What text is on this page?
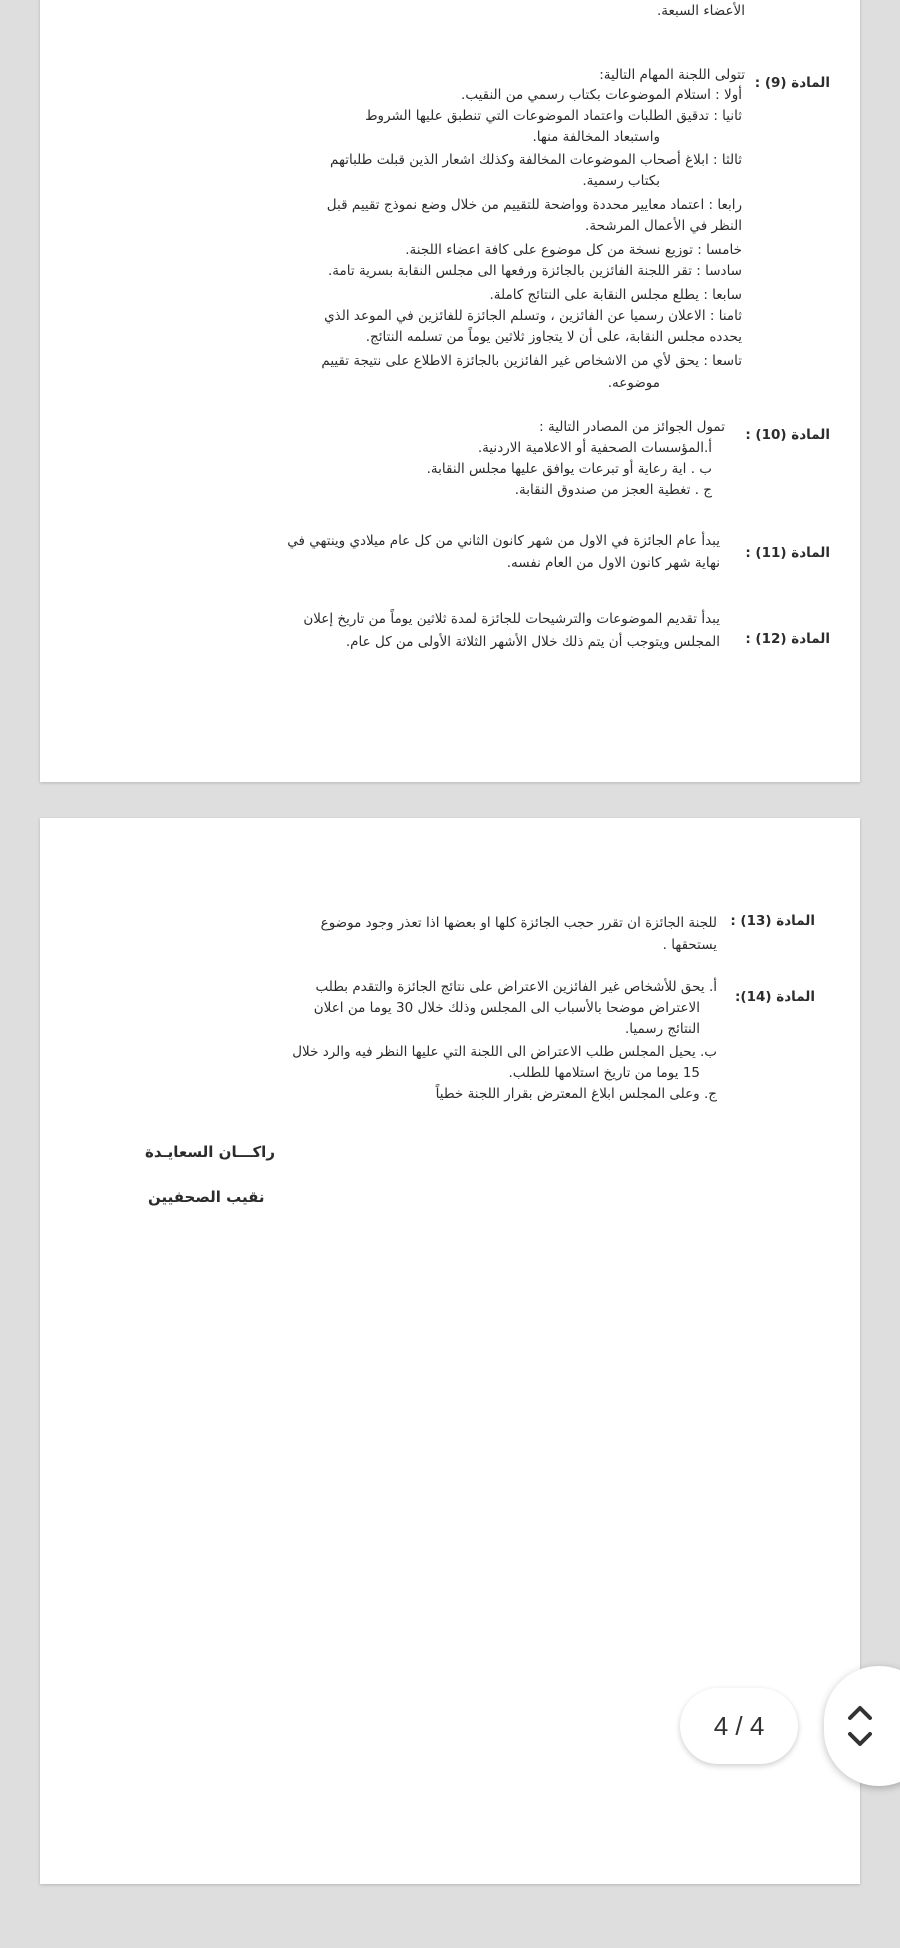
الأعضاء السبعة.
المادة (9) :
تتولى اللجنة المهام التالية:
أولا : استلام الموضوعات بكتاب رسمي من النقيب.
ثانيا : تدقيق الطلبات واعتماد الموضوعات التي تنطبق عليها الشروط
واستبعاد المخالفة منها.
ثالثا : ابلاغ أصحاب الموضوعات المخالفة وكذلك اشعار الذين قبلت طلباتهم
بكتاب رسمية.
رابعا : اعتماد معايير محددة وواضحة للتقييم من خلال وضع نموذج تقييم قبل
النظر في الأعمال المرشحة.
خامسا : توزيع نسخة من كل موضوع على كافة اعضاء اللجنة.
سادسا : تقر اللجنة الفائزين بالجائزة ورفعها الى مجلس النقابة بسرية تامة.
سابعا : يطلع مجلس النقابة على النتائج كاملة.
ثامنا : الاعلان رسميا عن الفائزين ، وتسلم الجائزة للفائزين في الموعد الذي
يحدده مجلس النقابة، على أن لا يتجاوز ثلاثين يوماً من تسلمه النتائج.
تاسعا : يحق لأي من الاشخاص غير الفائزين بالجائزة الاطلاع على نتيجة تقييم
موضوعه.
المادة (10) :
تمول الجوائز من المصادر التالية :
أ.المؤسسات الصحفية أو الاعلامية الاردنية.
ب . اية رعاية أو تبرعات يوافق عليها مجلس النقابة.
ج . تغطية العجز من صندوق النقابة.
المادة (11) :
يبدأ عام الجائزة في الاول من شهر كانون الثاني من كل عام ميلادي وينتهي في
نهاية شهر كانون الاول من العام نفسه.
المادة (12) :
يبدأ تقديم الموضوعات والترشيحات للجائزة لمدة ثلاثين يوماً من تاريخ إعلان
المجلس ويتوجب أن يتم ذلك خلال الأشهر الثلاثة الأولى من كل عام.
المادة (13) :
للجنة الجائزة ان تقرر حجب الجائزة كلها او بعضها اذا تعذر وجود موضوع
يستحقها .
المادة (14):
أ. يحق للأشخاص غير الفائزين الاعتراض على نتائج الجائزة والتقدم بطلب
الاعتراض موضحا بالأسباب الى المجلس وذلك خلال 30 يوما من اعلان
النتائج رسميا.
ب. يحيل المجلس طلب الاعتراض الى اللجنة التي عليها النظر فيه والرد خلال
15 يوما من تاريخ استلامها للطلب.
ج. وعلى المجلس ابلاغ المعترض بقرار اللجنة خطياً
راكـــان السعايـدة
نقيب الصحفيين
4 / 4
